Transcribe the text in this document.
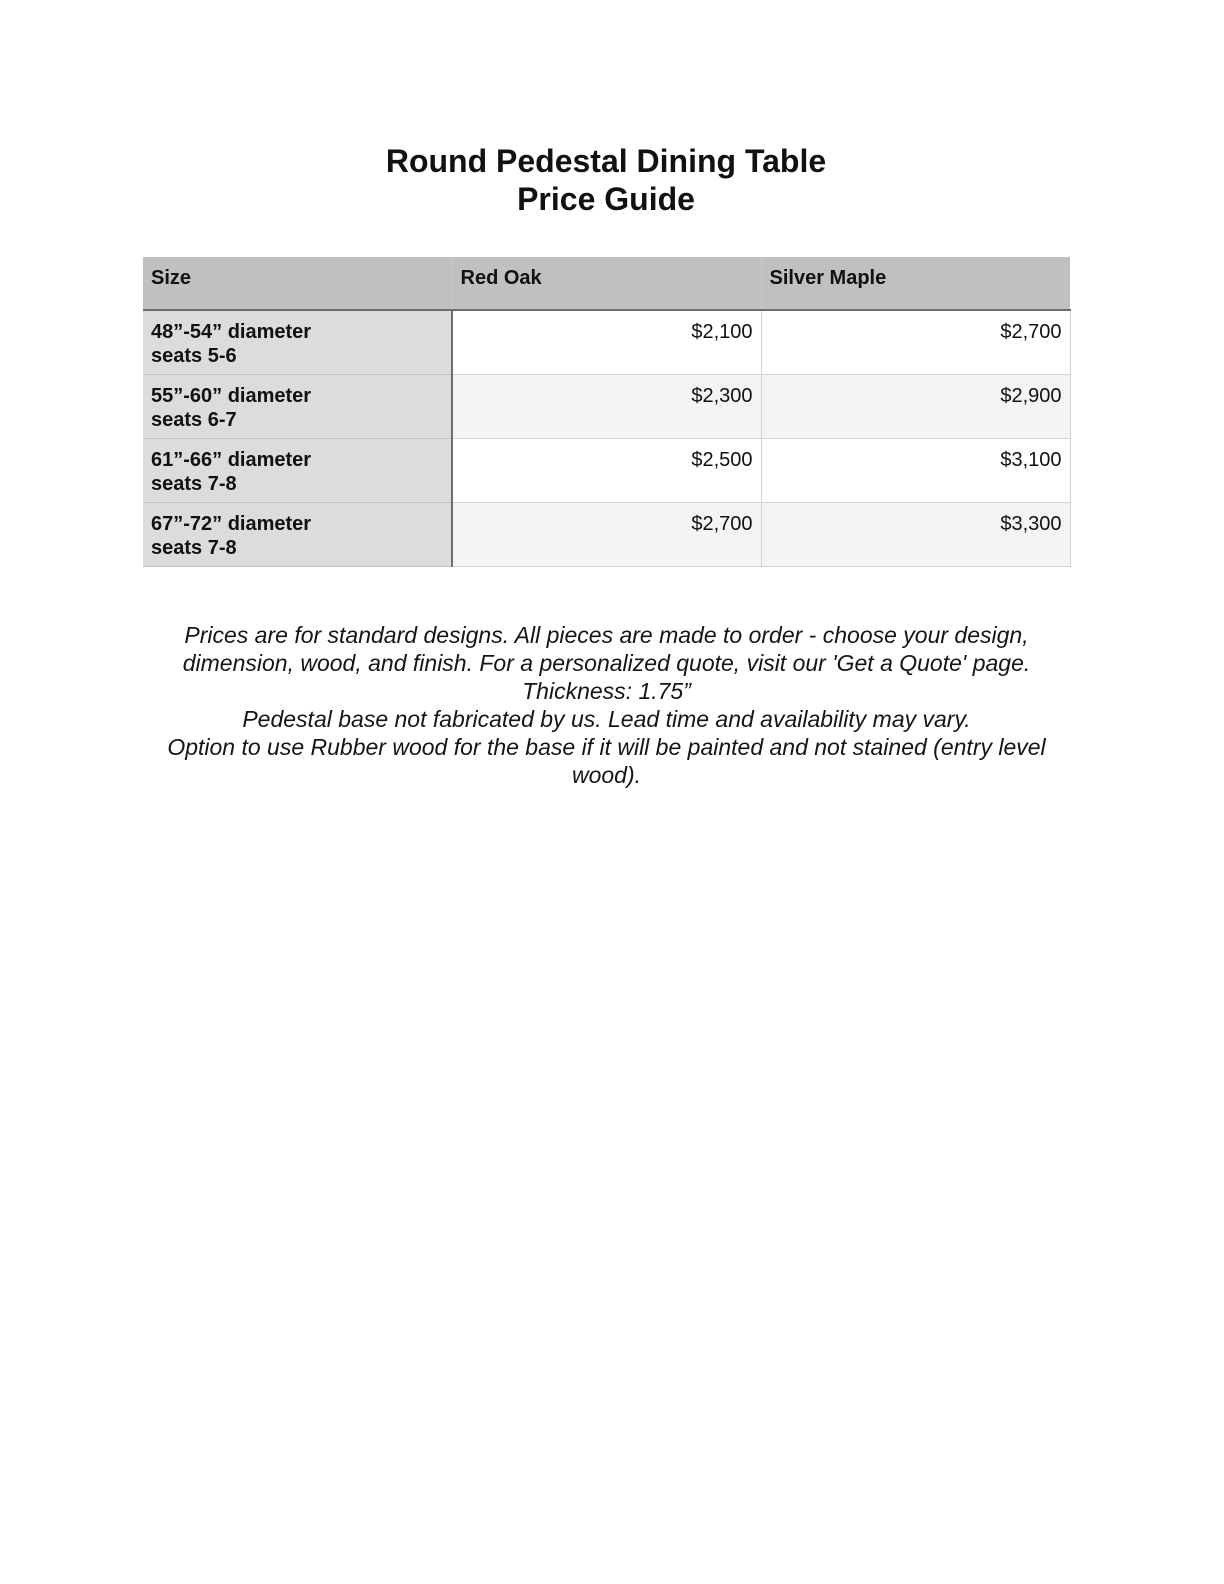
Round Pedestal Dining Table
Price Guide
Size	Red Oak	Silver Maple

48”-54” diameter
seats 5-6	$2,100	$2,700

55”-60” diameter
seats 6-7	$2,300	$2,900

61”-66” diameter
seats 7-8	$2,500	$3,100

67”-72” diameter
seats 7-8	$2,700	$3,300

Prices are for standard designs. All pieces are made to order - choose your design, dimension, wood, and finish. For a personalized quote, visit our 'Get a Quote' page.

Thickness: 1.75”

Pedestal base not fabricated by us. Lead time and availability may vary.

Option to use Rubber wood for the base if it will be painted and not stained (entry level wood).
